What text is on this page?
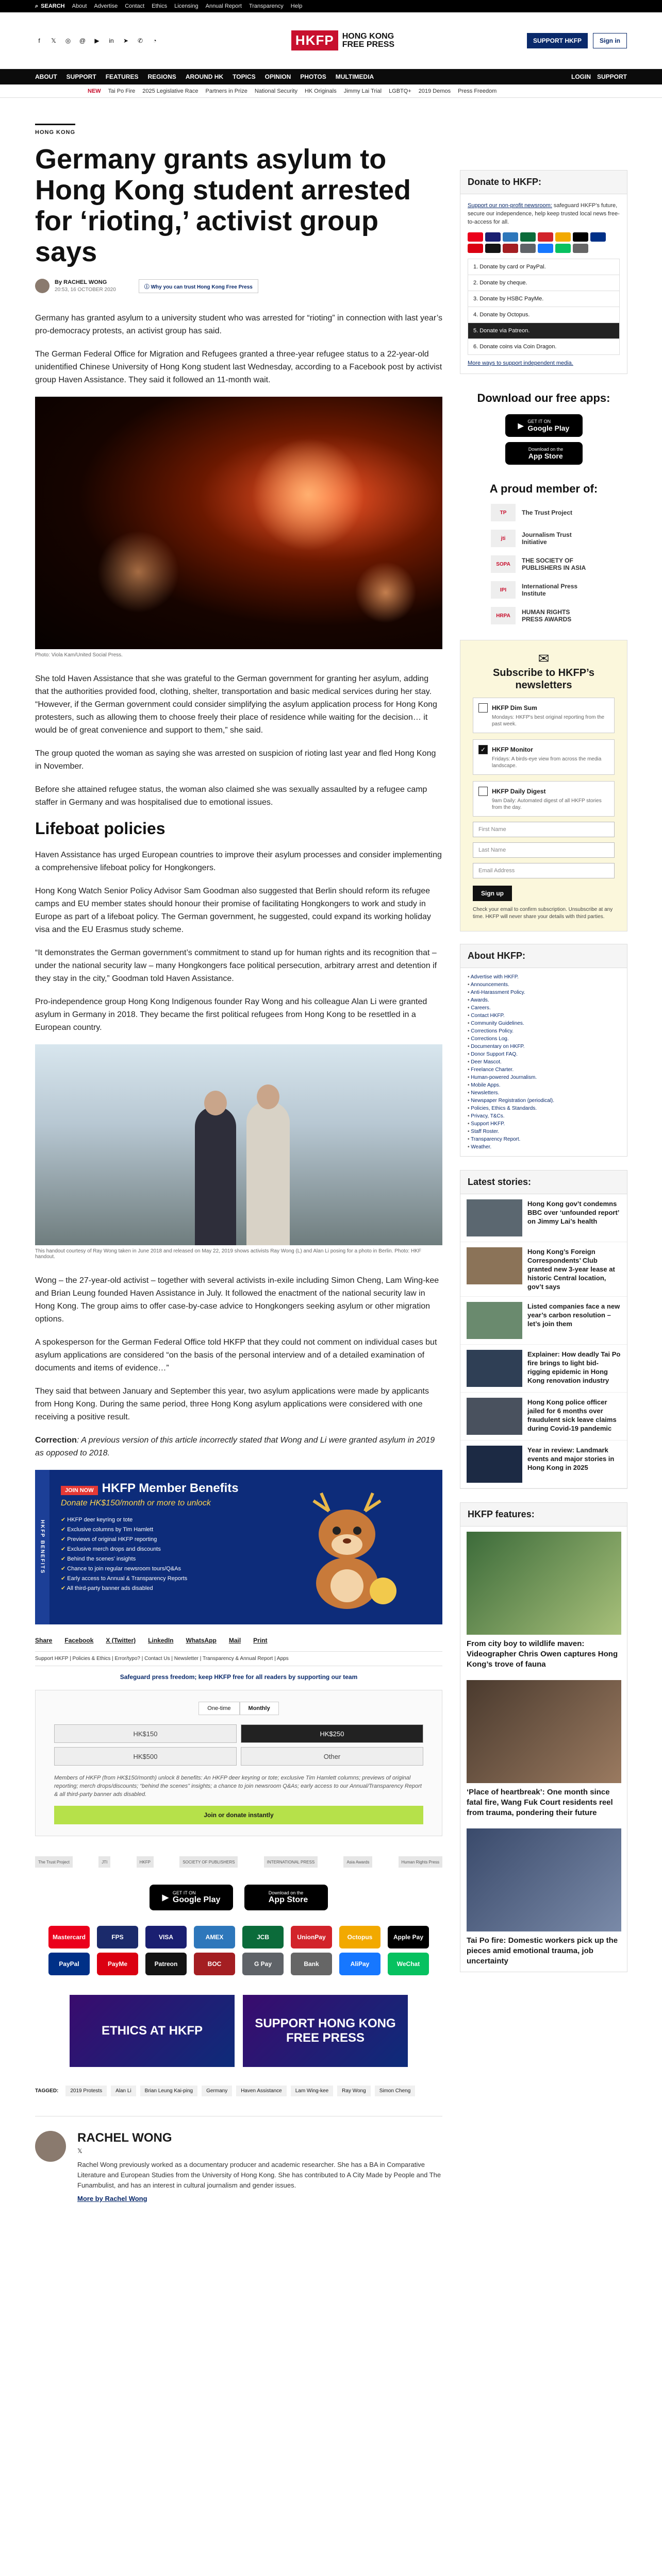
⌕ SEARCH About Advertise Contact Ethics Licensing Annual Report Transparency Help
f	𝕏 ◎ @ ▶ in ➤ ✆	◔	HKFP	HONG KONG
FREE PRESS	SUPPORT HKFP	Sign in
ABOUT SUPPORT FEATURES REGIONS AROUND HK TOPICS OPINION PHOTOS MULTIMEDIA	LOGIN SUPPORT
NEW Tai Po Fire 2025 Legislative Race Partners in Prize National Security HK Originals Jimmy Lai Trial LGBTQ+ 2019 Demos Press Freedom
HONG KONG
Germany grants asylum to Hong Kong student arrested for ‘rioting,’ activist group says
By RACHEL WONG
20:53, 16 OCTOBER 2020	ⓘ Why you can trust Hong Kong Free Press

Germany has granted asylum to a university student who was arrested for “rioting” in connection with last year’s pro-democracy protests, an activist group has said.

The German Federal Office for Migration and Refugees granted a three-year refugee status to a 22-year-old unidentified Chinese University of Hong Kong student last Wednesday, according to a Facebook post by activist group Haven Assistance. They said it followed an 11-month wait.

Photo: Viola Kam/United Social Press.

She told Haven Assistance that she was grateful to the German government for granting her asylum, adding that the authorities provided food, clothing, shelter, transportation and basic medical services during her stay. “However, if the German government could consider simplifying the asylum application process for Hong Kong protesters, such as allowing them to choose freely their place of residence while waiting for the decision… it would be of great convenience and support to them,” she said.

The group quoted the woman as saying she was arrested on suspicion of rioting last year and fled Hong Kong in November.

Before she attained refugee status, the woman also claimed she was sexually assaulted by a refugee camp staffer in Germany and was hospitalised due to emotional issues.

Lifeboat policies

Haven Assistance has urged European countries to improve their asylum processes and consider implementing a comprehensive lifeboat policy for Hongkongers.

Hong Kong Watch Senior Policy Advisor Sam Goodman also suggested that Berlin should reform its refugee camps and EU member states should honour their promise of facilitating Hongkongers to work and study in Europe as part of a lifeboat policy. The German government, he suggested, could expand its working holiday visa and the EU Erasmus study scheme.

“It demonstrates the German government’s commitment to stand up for human rights and its recognition that – under the national security law – many Hongkongers face political persecution, arbitrary arrest and detention if they stay in the city,” Goodman told Haven Assistance.

Pro-independence group Hong Kong Indigenous founder Ray Wong and his colleague Alan Li were granted asylum in Germany in 2018. They became the first political refugees from Hong Kong to be resettled in a European country.

This handout courtesy of Ray Wong taken in June 2018 and released on May 22, 2019 shows activists Ray Wong (L) and Alan Li posing for a photo in Berlin. Photo: HKF handout.

Wong – the 27-year-old activist – together with several activists in-exile including Simon Cheng, Lam Wing-kee and Brian Leung founded Haven Assistance in July. It followed the enactment of the national security law in Hong Kong. The group aims to offer case-by-case advice to Hongkongers seeking asylum or other migration options.

A spokesperson for the German Federal Office told HKFP that they could not comment on individual cases but asylum applications are considered “on the basis of the personal interview and of a detailed examination of documents and items of evidence…”

They said that between January and September this year, two asylum applications were made by applicants from Hong Kong. During the same period, three Hong Kong asylum applications were considered with one receiving a positive result.

Correction: A previous version of this article incorrectly stated that Wong and Li were granted asylum in 2019 as opposed to 2018.

HKFP BENEFITS
JOIN NOW HKFP Member Benefits
Donate HK$150/month or more to unlock
✔ HKFP deer keyring or tote
✔ Exclusive columns by Tim Hamlett
✔ Previews of original HKFP reporting
✔ Exclusive merch drops and discounts
✔ Behind the scenes' insights
✔ Chance to join regular newsroom tours/Q&As
✔ Early access to Annual & Transparency Reports
✔ All third-party banner ads disabled
Share Facebook X (Twitter) LinkedIn WhatsApp Mail Print
Support HKFP | Policies & Ethics | Error/typo? | Contact Us | Newsletter | Transparency & Annual Report | Apps
Safeguard press freedom; keep HKFP free for all readers by supporting our team
One-time	Monthly
HK$150	HK$250
HK$500	Other
Members of HKFP (from HK$150/month) unlock 8 benefits: An HKFP deer keyring or tote; exclusive Tim Hamlett columns; previews of original reporting; merch drops/discounts; “behind the scenes” insights; a chance to join newsroom Q&As; early access to our Annual/Transparency Report & all third-party banner ads disabled.
Join or donate instantly
The Trust Project	JTI	HKFP	SOCIETY OF PUBLISHERS	INTERNATIONAL PRESS	Asia Awards	Human Rights Press
▶
GET IT ON
Google Play
Download on the
App Store
Mastercard	FPS	VISA	AMEX	JCB	UnionPay	Octopus	Apple Pay
PayPal	PayMe	Patreon	BOC	G Pay	Bank	AliPay	WeChat
ETHICS AT HKFP
SUPPORT HONG KONG FREE PRESS
TAGGED:	2019 Protests	Alan Li	Brian Leung Kai-ping	Germany	Haven Assistance	Lam Wing-kee	Ray Wong	Simon Cheng
RACHEL WONG
𝕏
Rachel Wong previously worked as a documentary producer and academic researcher. She has a BA in Comparative Literature and European Studies from the University of Hong Kong. She has contributed to A City Made by People and The Funambulist, and has an interest in cultural journalism and gender issues.
More by Rachel Wong
Donate to HKFP:

Support our non-profit newsroom: safeguard HKFP’s future, secure our independence, help keep trusted local news free-to-access for all.

1. Donate by card or PayPal.
2. Donate by cheque.
3. Donate by HSBC PayMe.
4. Donate by Octopus.
5. Donate via Patreon.
6. Donate coins via Coin Dragon.
More ways to support independent media.
Download our free apps:
▶ GET IT ON
Google Play
Download on the
App Store
A proud member of:
TP	The Trust Project
jti	Journalism Trust Initiative
SOPA	THE SOCIETY OF PUBLISHERS IN ASIA
IPI	International Press Institute
HRPA	HUMAN RIGHTS PRESS AWARDS
✉
Subscribe to HKFP’s newsletters
HKFP Dim Sum

Mondays: HKFP's best original reporting from the past week.

✓ HKFP Monitor

Fridays: A birds-eye view from across the media landscape.

HKFP Daily Digest

9am Daily: Automated digest of all HKFP stories from the day.

First Name
Last Name
Email Address
Sign up
Check your email to confirm subscription. Unsubscribe at any time. HKFP will never share your details with third parties.
About HKFP:
• Advertise with HKFP.
• Announcements.
• Anti-Harassment Policy.
• Awards.
• Careers.
• Contact HKFP.
• Community Guidelines.
• Corrections Policy.
• Corrections Log.
• Documentary on HKFP.
• Donor Support FAQ.
• Deer Mascot.
• Freelance Charter.
• Human-powered Journalism.
• Mobile Apps.
• Newsletters.
• Newspaper Registration (periodical).
• Policies, Ethics & Standards.
• Privacy, T&Cs.
• Support HKFP.
• Staff Roster.
• Transparency Report.
• Weather.
Latest stories:
Hong Kong gov’t condemns BBC over ‘unfounded report’ on Jimmy Lai’s health
Hong Kong’s Foreign Correspondents’ Club granted new 3-year lease at historic Central location, gov’t says
Listed companies face a new year’s carbon resolution – let’s join them
Explainer: How deadly Tai Po fire brings to light bid-rigging epidemic in Hong Kong renovation industry
Hong Kong police officer jailed for 6 months over fraudulent sick leave claims during Covid-19 pandemic
Year in review: Landmark events and major stories in Hong Kong in 2025
HKFP features:
From city boy to wildlife maven: Videographer Chris Owen captures Hong Kong’s trove of fauna
‘Place of heartbreak’: One month since fatal fire, Wang Fuk Court residents reel from trauma, pondering their future
Tai Po fire: Domestic workers pick up the pieces amid emotional trauma, job uncertainty
